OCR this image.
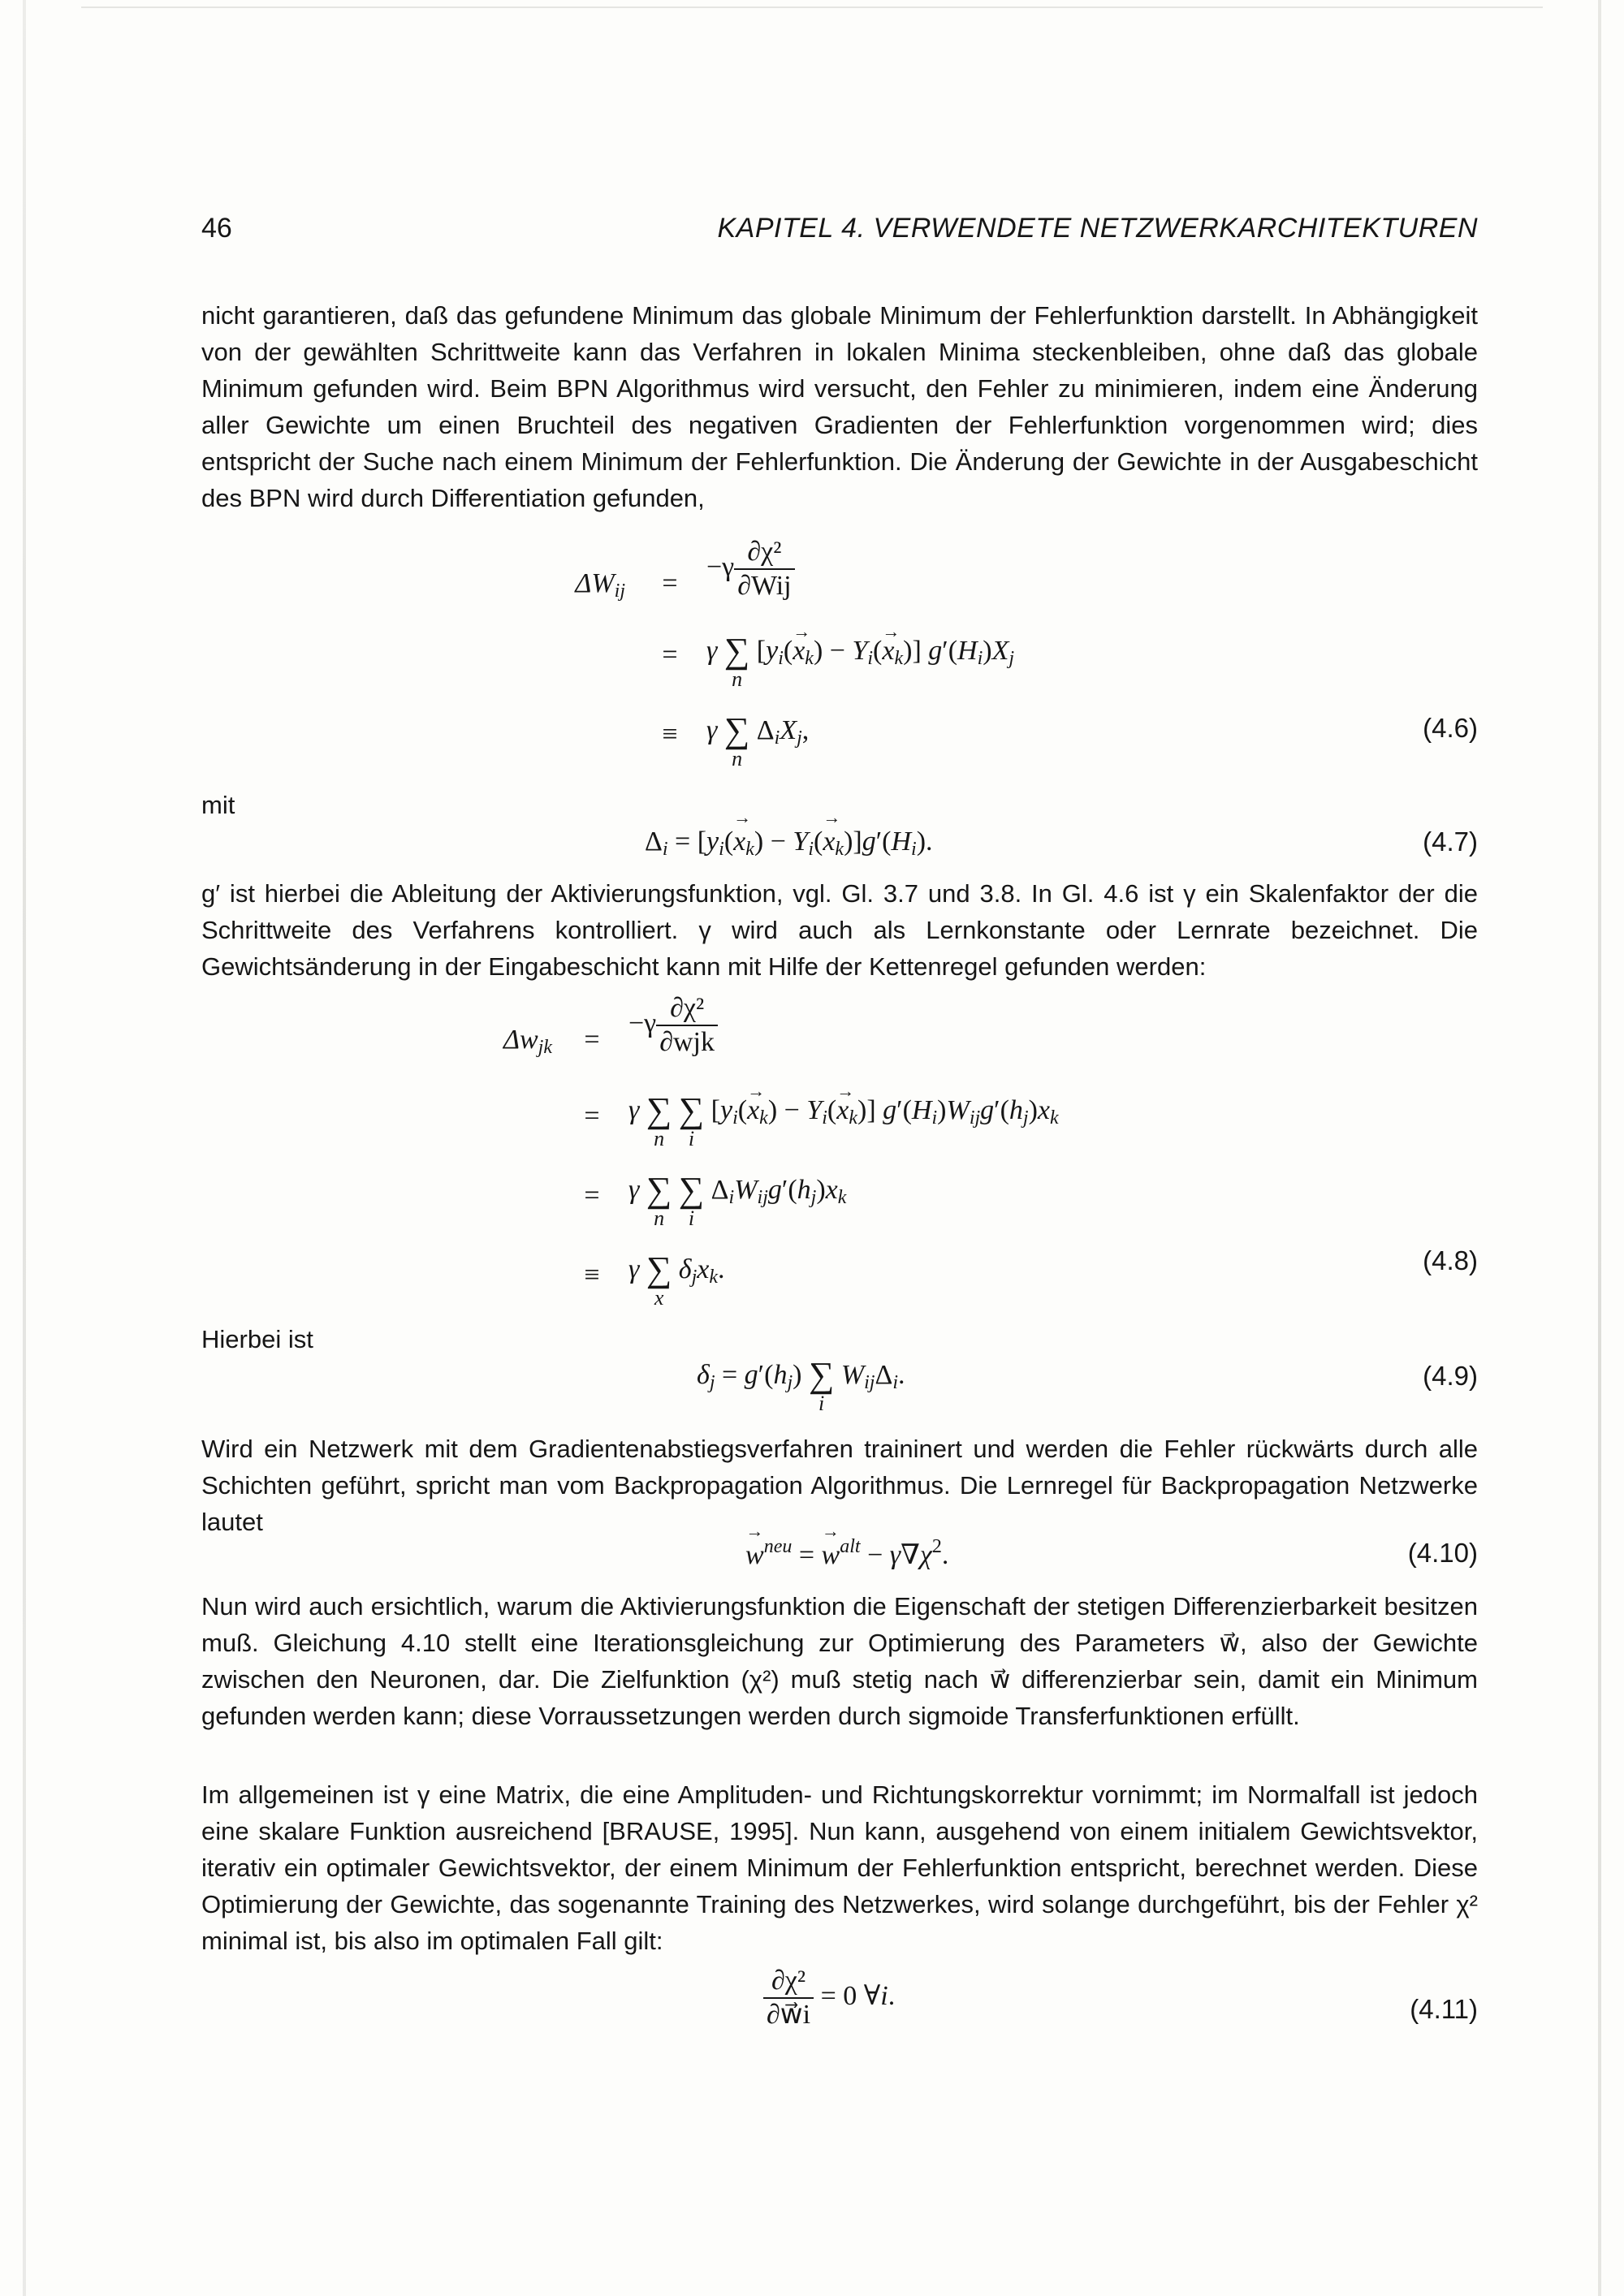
46	KAPITEL 4. VERWENDETE NETZWERKARCHITEKTUREN
nicht garantieren, daß das gefundene Minimum das globale Minimum der Fehlerfunktion darstellt. In Abhängigkeit von der gewählten Schrittweite kann das Verfahren in lokalen Minima steckenbleiben, ohne daß das globale Minimum gefunden wird. Beim BPN Algorithmus wird versucht, den Fehler zu minimieren, indem eine Änderung aller Gewichte um einen Bruchteil des negativen Gradienten der Fehlerfunktion vorgenommen wird; dies entspricht der Suche nach einem Minimum der Fehlerfunktion. Die Änderung der Gewichte in der Ausgabeschicht des BPN wird durch Differentiation gefunden,
$\Delta W_{ij}$	=
$-\gamma \frac{\text{∂χ²}}{\text{∂Wij}}$
=	γ ∑
n
$[y_i(\to x_k) - Y_i(\to x_k)]$ $g'(H_i)X_j$
≡	γ ∑
n
$\Delta_iX_j$,	(4.6)
mit
$\Delta_i = [y_i(\to x_k) - Y_i(\to x_k)]g'(H_i)$.	(4.7)
g′ ist hierbei die Ableitung der Aktivierungsfunktion, vgl. Gl. 3.7 und 3.8. In Gl. 4.6 ist γ ein Skalenfaktor der die Schrittweite des Verfahrens kontrolliert. γ wird auch als Lernkonstante oder Lernrate bezeichnet. Die Gewichtsänderung in der Eingabeschicht kann mit Hilfe der Kettenregel gefunden werden:
$\Delta w_{jk}$	=
$-\gamma \frac{\text{∂χ²}}{\text{∂wjk}}$
=	γ ∑
n

∑
i
$[y_i(\to x_k) - Y_i(\to x_k)]$ $g'(H_i)W_{ij}g'(h_j)x_k$
=	γ ∑
n

∑
i
$\Delta_iW_{ij}g'(h_j)x_k$
≡	γ ∑
x
$\delta_jx_k$.	(4.8)
Hierbei ist
$\delta_j = g'(h_j)$ ∑
i
$W_{ij}\Delta_i$.	(4.9)
Wird ein Netzwerk mit dem Gradientenabstiegsverfahren traininert und werden die Fehler rückwärts durch alle Schichten geführt, spricht man vom Backpropagation Algorithmus. Die Lernregel für Backpropagation Netzwerke lautet
→ $w^{neu}$ = → $w^{alt} - \gamma\nabla\chi^2$.	(4.10)
Nun wird auch ersichtlich, warum die Aktivierungsfunktion die Eigenschaft der stetigen Differenzierbarkeit besitzen muß. Gleichung 4.10 stellt eine Iterationsgleichung zur Optimierung des Parameters w⃗, also der Gewichte zwischen den Neuronen, dar. Die Zielfunktion (χ²) muß stetig nach w⃗ differenzierbar sein, damit ein Minimum gefunden werden kann; diese Vorraussetzungen werden durch sigmoide Transferfunktionen erfüllt.
Im allgemeinen ist γ eine Matrix, die eine Amplituden- und Richtungskorrektur vornimmt; im Normalfall ist jedoch eine skalare Funktion ausreichend [BRAUSE, 1995]. Nun kann, ausgehend von einem initialem Gewichtsvektor, iterativ ein optimaler Gewichtsvektor, der einem Minimum der Fehlerfunktion entspricht, berechnet werden. Diese Optimierung der Gewichte, das sogenannte Training des Netzwerkes, wird solange durchgeführt, bis der Fehler χ² minimal ist, bis also im optimalen Fall gilt:
$\frac{\text{∂χ²}}{\partial w⃗i} = 0$ ∀i.	(4.11)
